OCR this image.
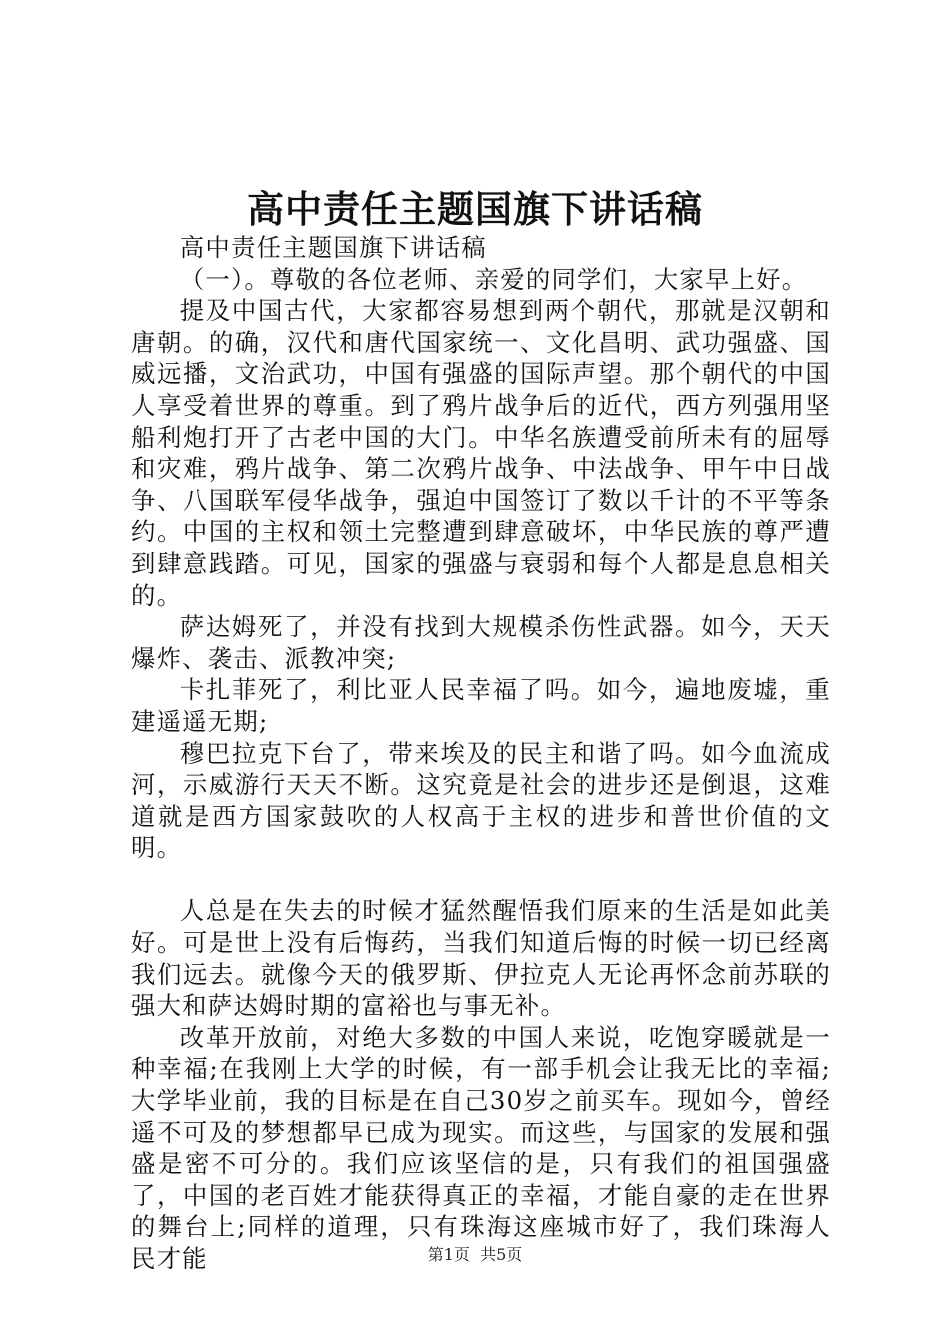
高中责任主题国旗下讲话稿

高中责任主题国旗下讲话稿

（一）。尊敬的各位老师、亲爱的同学们，大家早上好。

提及中国古代，大家都容易想到两个朝代，那就是汉朝和唐朝。的确，汉代和唐代国家统一、文化昌明、武功强盛、国威远播，文治武功，中国有强盛的国际声望。那个朝代的中国人享受着世界的尊重。到了鸦片战争后的近代，西方列强用坚船利炮打开了古老中国的大门。中华名族遭受前所未有的屈辱和灾难，鸦片战争、第二次鸦片战争、中法战争、甲午中日战争、八国联军侵华战争，强迫中国签订了数以千计的不平等条约。中国的主权和领土完整遭到肆意破坏，中华民族的尊严遭到肆意践踏。可见，国家的强盛与衰弱和每个人都是息息相关的。

萨达姆死了，并没有找到大规模杀伤性武器。如今，天天爆炸、袭击、派教冲突;

卡扎菲死了，利比亚人民幸福了吗。如今，遍地废墟，重建遥遥无期;

穆巴拉克下台了，带来埃及的民主和谐了吗。如今血流成河，示威游行天天不断。这究竟是社会的进步还是倒退，这难道就是西方国家鼓吹的人权高于主权的进步和普世价值的文明。

人总是在失去的时候才猛然醒悟我们原来的生活是如此美好。可是世上没有后悔药，当我们知道后悔的时候一切已经离我们远去。就像今天的俄罗斯、伊拉克人无论再怀念前苏联的强大和萨达姆时期的富裕也与事无补。

改革开放前，对绝大多数的中国人来说，吃饱穿暖就是一种幸福;在我刚上大学的时候，有一部手机会让我无比的幸福;大学毕业前，我的目标是在自己30岁之前买车。现如今，曾经遥不可及的梦想都早已成为现实。而这些，与国家的发展和强盛是密不可分的。我们应该坚信的是，只有我们的祖国强盛了，中国的老百姓才能获得真正的幸福，才能自豪的走在世界的舞台上;同样的道理，只有珠海这座城市好了，我们珠海人民才能	第1页 共5页
